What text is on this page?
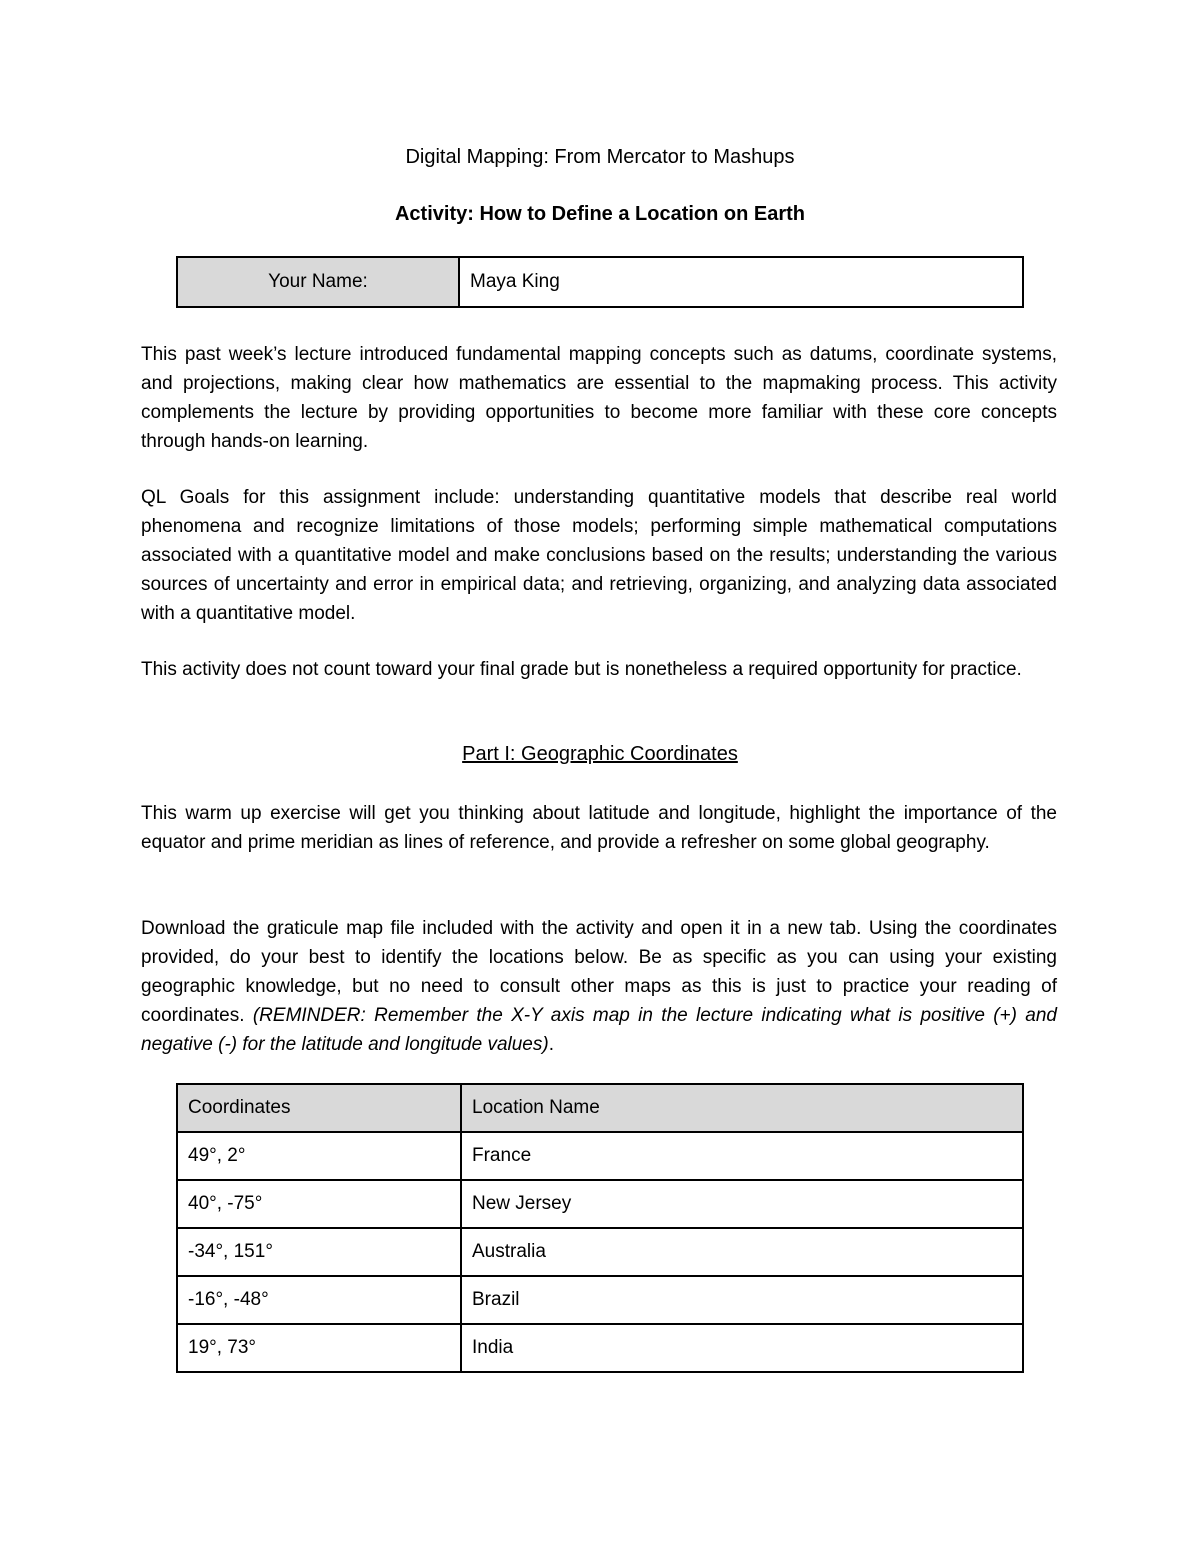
Digital Mapping: From Mercator to Mashups
Activity: How to Define a Location on Earth
Your Name:	Maya King

This past week’s lecture introduced fundamental mapping concepts such as datums, coordinate systems, and projections, making clear how mathematics are essential to the mapmaking process. This activity complements the lecture by providing opportunities to become more familiar with these core concepts through hands-on learning.

QL Goals for this assignment include: understanding quantitative models that describe real world phenomena and recognize limitations of those models; performing simple mathematical computations associated with a quantitative model and make conclusions based on the results; understanding the various sources of uncertainty and error in empirical data; and retrieving, organizing, and analyzing data associated with a quantitative model.

This activity does not count toward your final grade but is nonetheless a required opportunity for practice.

Part I: Geographic Coordinates

This warm up exercise will get you thinking about latitude and longitude, highlight the importance of the equator and prime meridian as lines of reference, and provide a refresher on some global geography.

Download the graticule map file included with the activity and open it in a new tab. Using the coordinates provided, do your best to identify the locations below. Be as specific as you can using your existing geographic knowledge, but no need to consult other maps as this is just to practice your reading of coordinates. (REMINDER: Remember the X-Y axis map in the lecture indicating what is positive (+) and negative (-) for the latitude and longitude values).

Coordinates	Location Name
49°, 2°	France
40°, -75°	New Jersey
-34°, 151°	Australia
-16°, -48°	Brazil
19°, 73°	India
